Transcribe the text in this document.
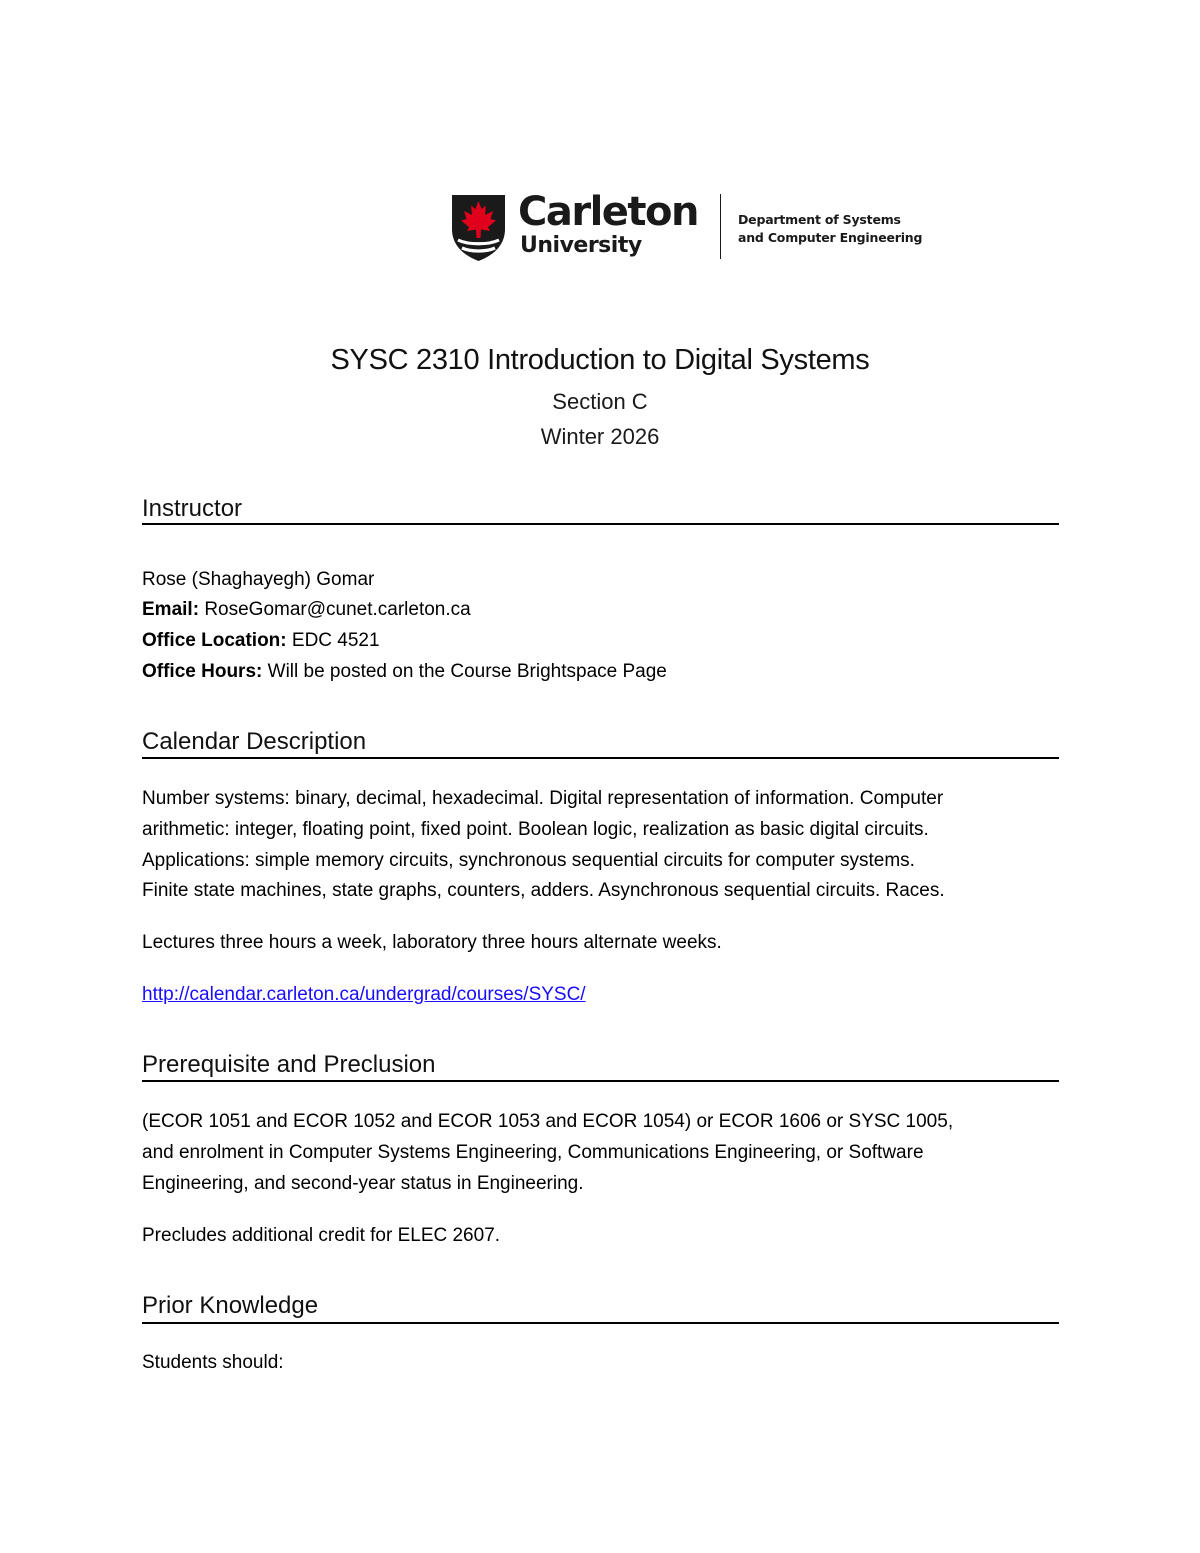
Carleton
University
Department of Systems
and Computer Engineering
SYSC 2310 Introduction to Digital Systems
Section C
Winter 2026
Instructor
Rose (Shaghayegh) Gomar
Email: RoseGomar@cunet.carleton.ca
Office Location: EDC 4521
Office Hours: Will be posted on the Course Brightspace Page
Calendar Description
Number systems: binary, decimal, hexadecimal. Digital representation of information. Computer
arithmetic: integer, floating point, fixed point. Boolean logic, realization as basic digital circuits.
Applications: simple memory circuits, synchronous sequential circuits for computer systems.
Finite state machines, state graphs, counters, adders. Asynchronous sequential circuits. Races.
Lectures three hours a week, laboratory three hours alternate weeks.
http://calendar.carleton.ca/undergrad/courses/SYSC/
Prerequisite and Preclusion
(ECOR 1051 and ECOR 1052 and ECOR 1053 and ECOR 1054) or ECOR 1606 or SYSC 1005,
and enrolment in Computer Systems Engineering, Communications Engineering, or Software
Engineering, and second-year status in Engineering.
Precludes additional credit for ELEC 2607.
Prior Knowledge
Students should:
